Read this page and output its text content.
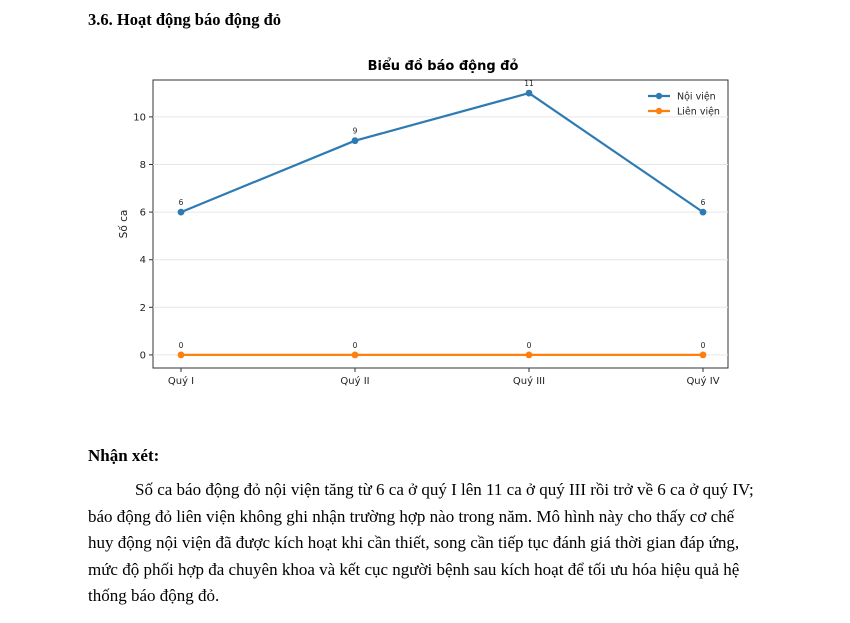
3.6. Hoạt động báo động đỏ
Biểu đồ báo động đỏ
0
2
4
6
8
10
Quý I	Quý II	Quý III	Quý IV
6
9
11
6
0	0	0	0
Số ca
Nội viện
Liên viện
Nhận xét:

Số ca báo động đỏ nội viện tăng từ 6 ca ở quý I lên 11 ca ở quý III rồi trở về 6 ca ở quý IV; báo động đỏ liên viện không ghi nhận trường hợp nào trong năm. Mô hình này cho thấy cơ chế huy động nội viện đã được kích hoạt khi cần thiết, song cần tiếp tục đánh giá thời gian đáp ứng, mức độ phối hợp đa chuyên khoa và kết cục người bệnh sau kích hoạt để tối ưu hóa hiệu quả hệ thống báo động đỏ.
